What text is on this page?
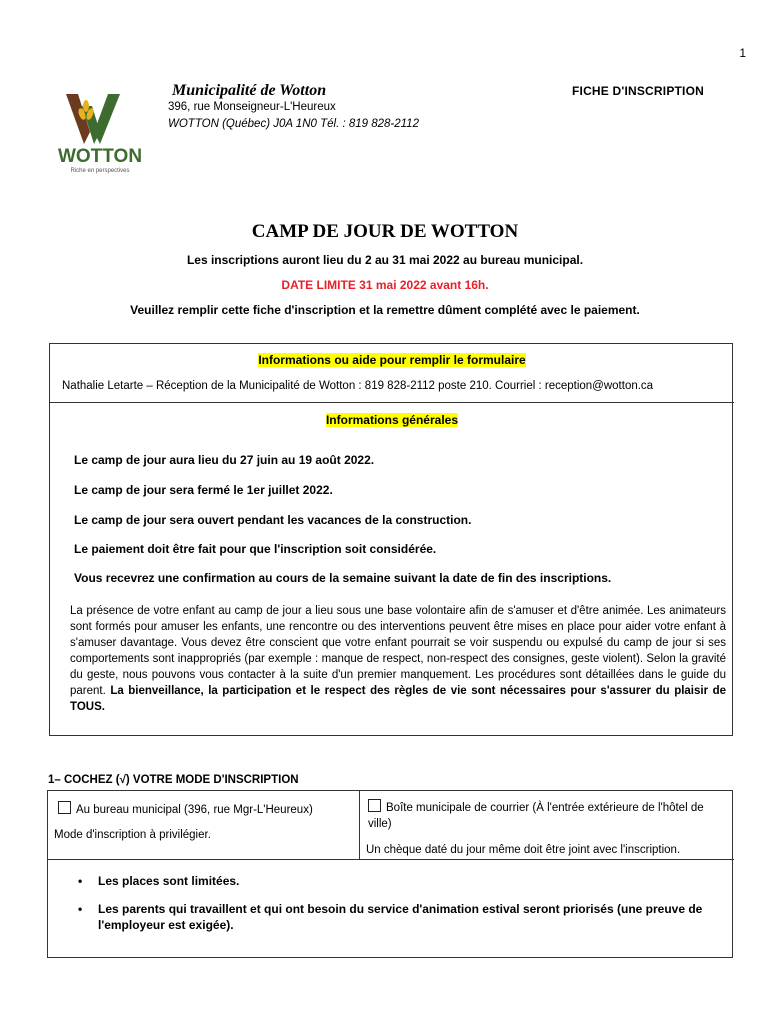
1
WOTTON
Riche en perspectives
Municipalité de Wotton
396, rue Monseigneur-L'Heureux
WOTTON (Québec) J0A 1N0 Tél. : 819 828-2112
FICHE D'INSCRIPTION
CAMP DE JOUR DE WOTTON
Les inscriptions auront lieu du 2 au 31 mai 2022 au bureau municipal.
DATE LIMITE 31 mai 2022 avant 16h.
Veuillez remplir cette fiche d'inscription et la remettre dûment complété avec le paiement.
Informations ou aide pour remplir le formulaire
Nathalie Letarte – Réception de la Municipalité de Wotton : 819 828-2112 poste 210. Courriel : reception@wotton.ca
Informations générales
Le camp de jour aura lieu du 27 juin au 19 août 2022.
Le camp de jour sera fermé le 1er juillet 2022.
Le camp de jour sera ouvert pendant les vacances de la construction.
Le paiement doit être fait pour que l'inscription soit considérée.
Vous recevrez une confirmation au cours de la semaine suivant la date de fin des inscriptions.
La présence de votre enfant au camp de jour a lieu sous une base volontaire afin de s'amuser et d'être animée. Les animateurs sont formés pour amuser les enfants, une rencontre ou des interventions peuvent être mises en place pour aider votre enfant à s'amuser davantage. Vous devez être conscient que votre enfant pourrait se voir suspendu ou expulsé du camp de jour si ses comportements sont inappropriés (par exemple : manque de respect, non-respect des consignes, geste violent). Selon la gravité du geste, nous pouvons vous contacter à la suite d'un premier manquement. Les procédures sont détaillées dans le guide du parent. La bienveillance, la participation et le respect des règles de vie sont nécessaires pour s'assurer du plaisir de TOUS.
1– COCHEZ (√) VOTRE MODE D'INSCRIPTION
Au bureau municipal (396, rue Mgr-L'Heureux)
Mode d'inscription à privilégier.
Boîte municipale de courrier (À l'entrée extérieure de l'hôtel de ville)
Un chèque daté du jour même doit être joint avec l'inscription.
• Les places sont limitées.
• Les parents qui travaillent et qui ont besoin du service d'animation estival seront priorisés (une preuve de l'employeur est exigée).
